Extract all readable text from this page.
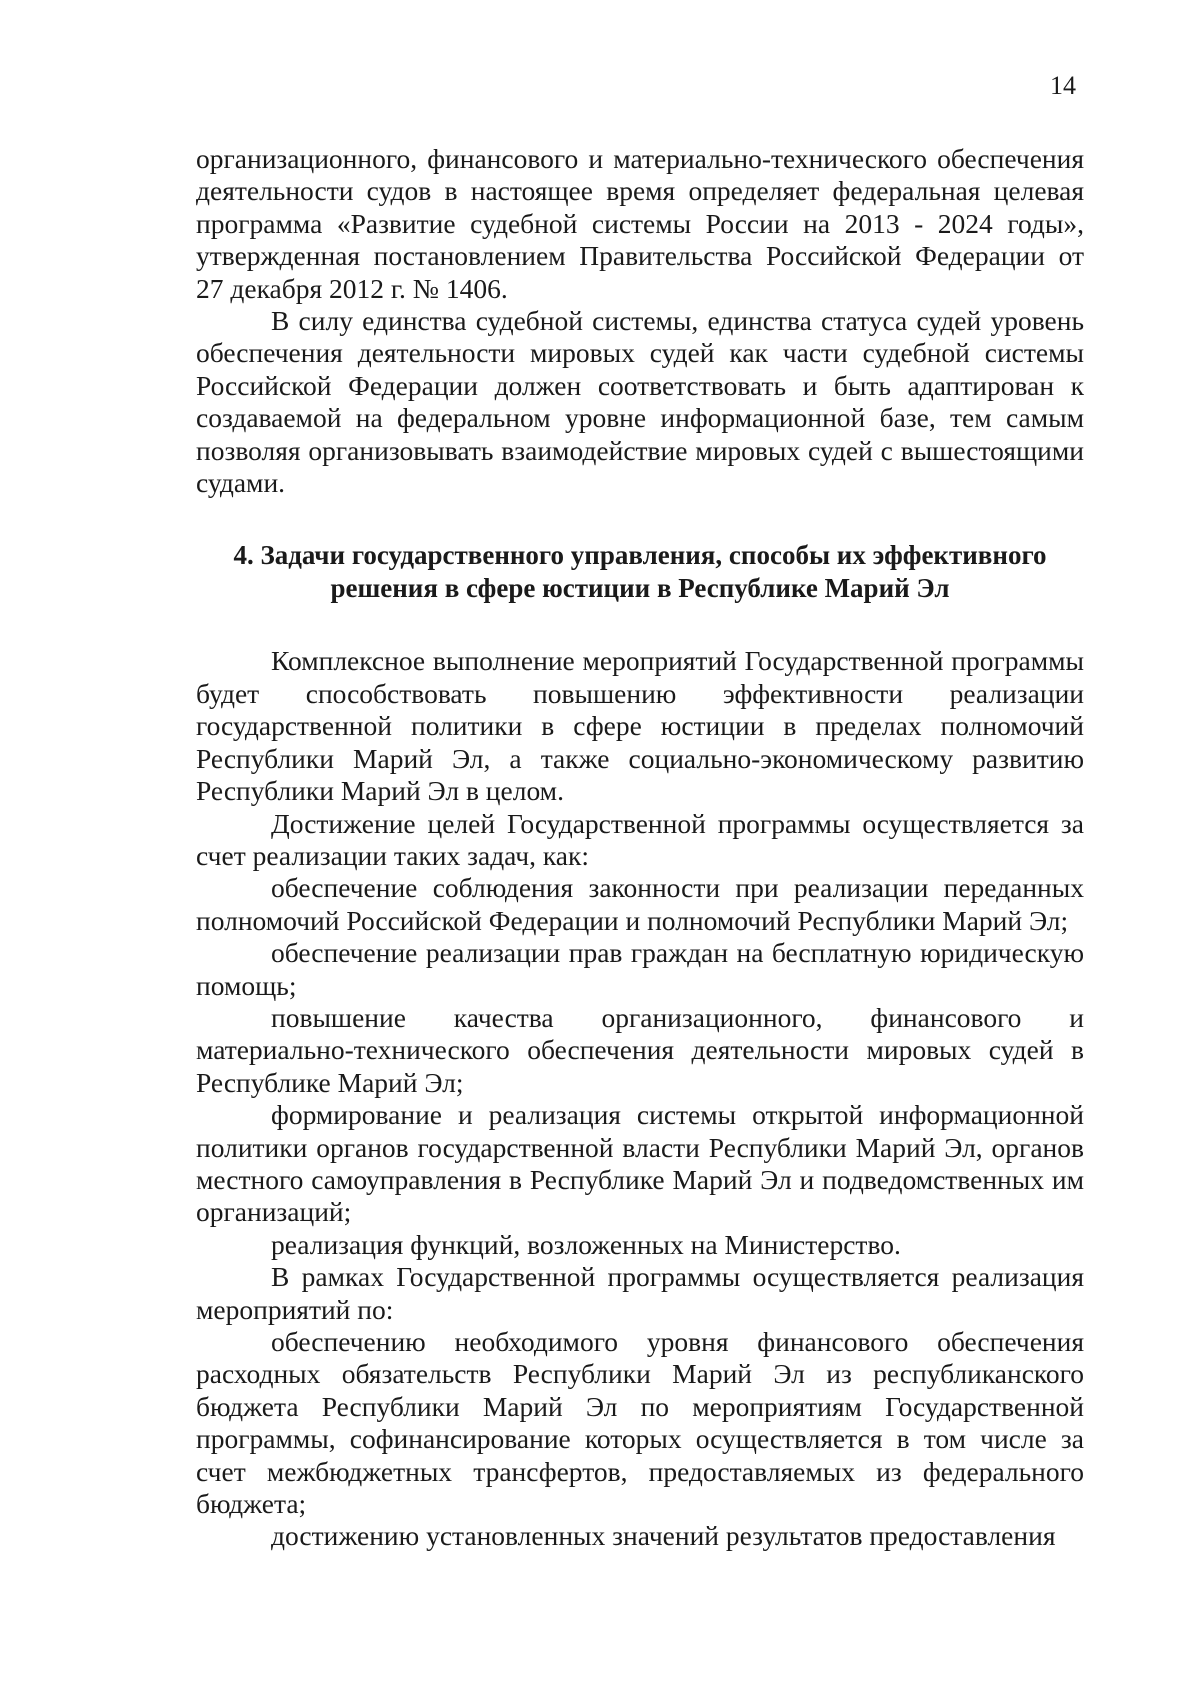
14

организационного, финансового и материально-технического обеспечения деятельности судов в настоящее время определяет федеральная целевая программа «Развитие судебной системы России на 2013 - 2024 годы», утвержденная постановлением Правительства Российской Федерации от 27 декабря 2012 г. № 1406.

В силу единства судебной системы, единства статуса судей уровень обеспечения деятельности мировых судей как части судебной системы Российской Федерации должен соответствовать и быть адаптирован к создаваемой на федеральном уровне информационной базе, тем самым позволяя организовывать взаимодействие мировых судей с вышестоящими судами.

4. Задачи государственного управления, способы их эффективного
решения в сфере юстиции в Республике Марий Эл

Комплексное выполнение мероприятий Государственной программы будет способствовать повышению эффективности реализации государственной политики в сфере юстиции в пределах полномочий Республики Марий Эл, а также социально-экономическому развитию Республики Марий Эл в целом.

Достижение целей Государственной программы осуществляется за счет реализации таких задач, как:

обеспечение соблюдения законности при реализации переданных полномочий Российской Федерации и полномочий Республики Марий Эл;

обеспечение реализации прав граждан на бесплатную юридическую помощь;

повышение качества организационного, финансового и материально-технического обеспечения деятельности мировых судей в Республике Марий Эл;

формирование и реализация системы открытой информационной политики органов государственной власти Республики Марий Эл, органов местного самоуправления в Республике Марий Эл и подведомственных им организаций;

реализация функций, возложенных на Министерство.

В рамках Государственной программы осуществляется реализация мероприятий по:

обеспечению необходимого уровня финансового обеспечения расходных обязательств Республики Марий Эл из республиканского бюджета Республики Марий Эл по мероприятиям Государственной программы, софинансирование которых осуществляется в том числе за счет межбюджетных трансфертов, предоставляемых из федерального бюджета;

достижению установленных значений результатов предоставления
